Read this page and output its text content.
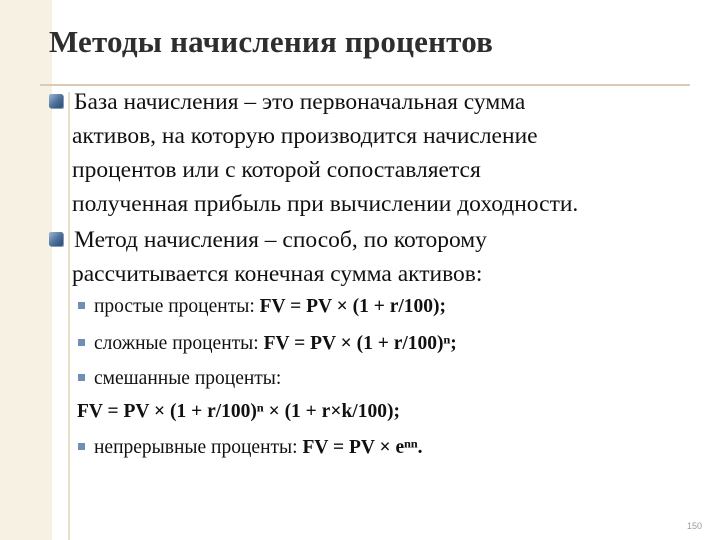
Методы начисления процентов
База начисления – это первоначальная сумма
активов, на которую производится начисление
процентов или с которой сопоставляется
полученная прибыль при вычислении доходности.
Метод начисления – способ, по которому
рассчитывается конечная сумма активов:
простые проценты: FV = PV × (1 + r/100);
сложные проценты: FV = PV × (1 + r/100)ⁿ;
смешанные проценты:
FV = PV × (1 + r/100)ⁿ × (1 + r×k/100);
непрерывные проценты: FV = PV × еⁿⁿ.
150
